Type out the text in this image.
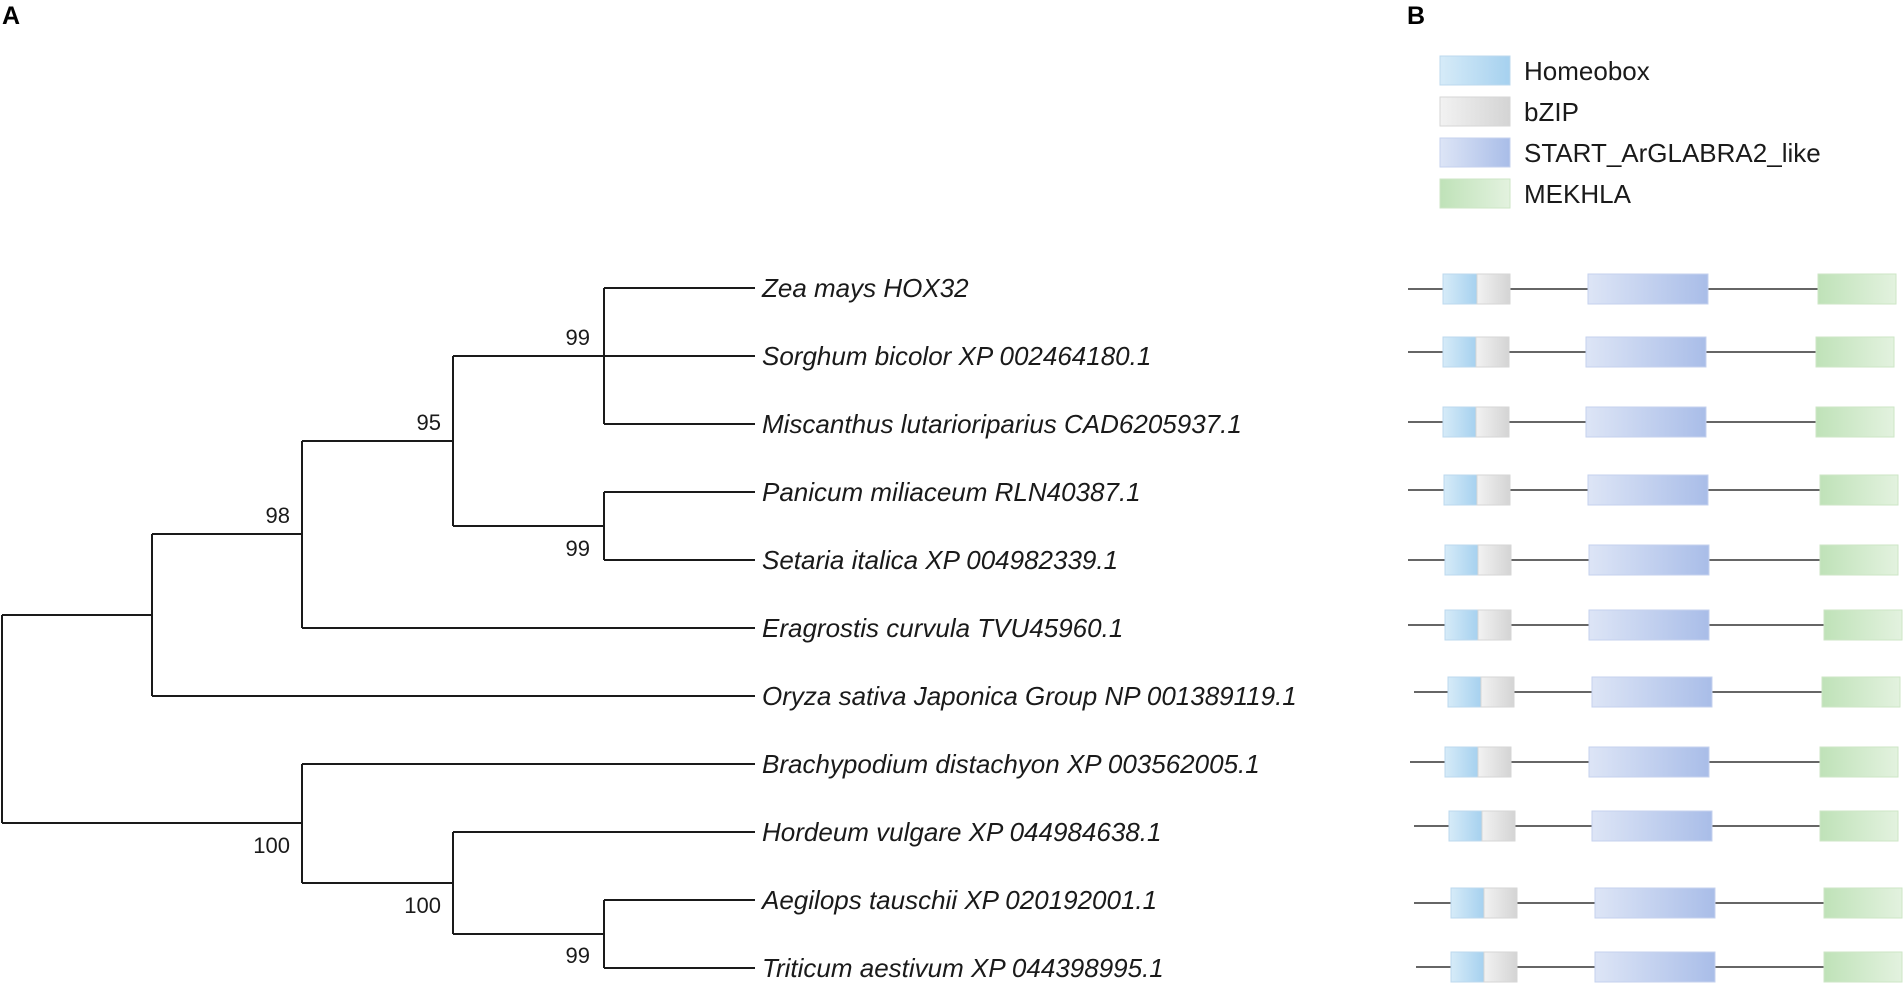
A	B
Homeobox
bZIP
START_ArGLABRA2_like
MEKHLA
99
95
98
99
100
100
99
Zea mays HOX32
Sorghum bicolor XP 002464180.1
Miscanthus lutarioriparius CAD6205937.1
Panicum miliaceum RLN40387.1
Setaria italica XP 004982339.1
Eragrostis curvula TVU45960.1
Oryza sativa Japonica Group NP 001389119.1
Brachypodium distachyon XP 003562005.1
Hordeum vulgare XP 044984638.1
Aegilops tauschii XP 020192001.1
Triticum aestivum XP 044398995.1
